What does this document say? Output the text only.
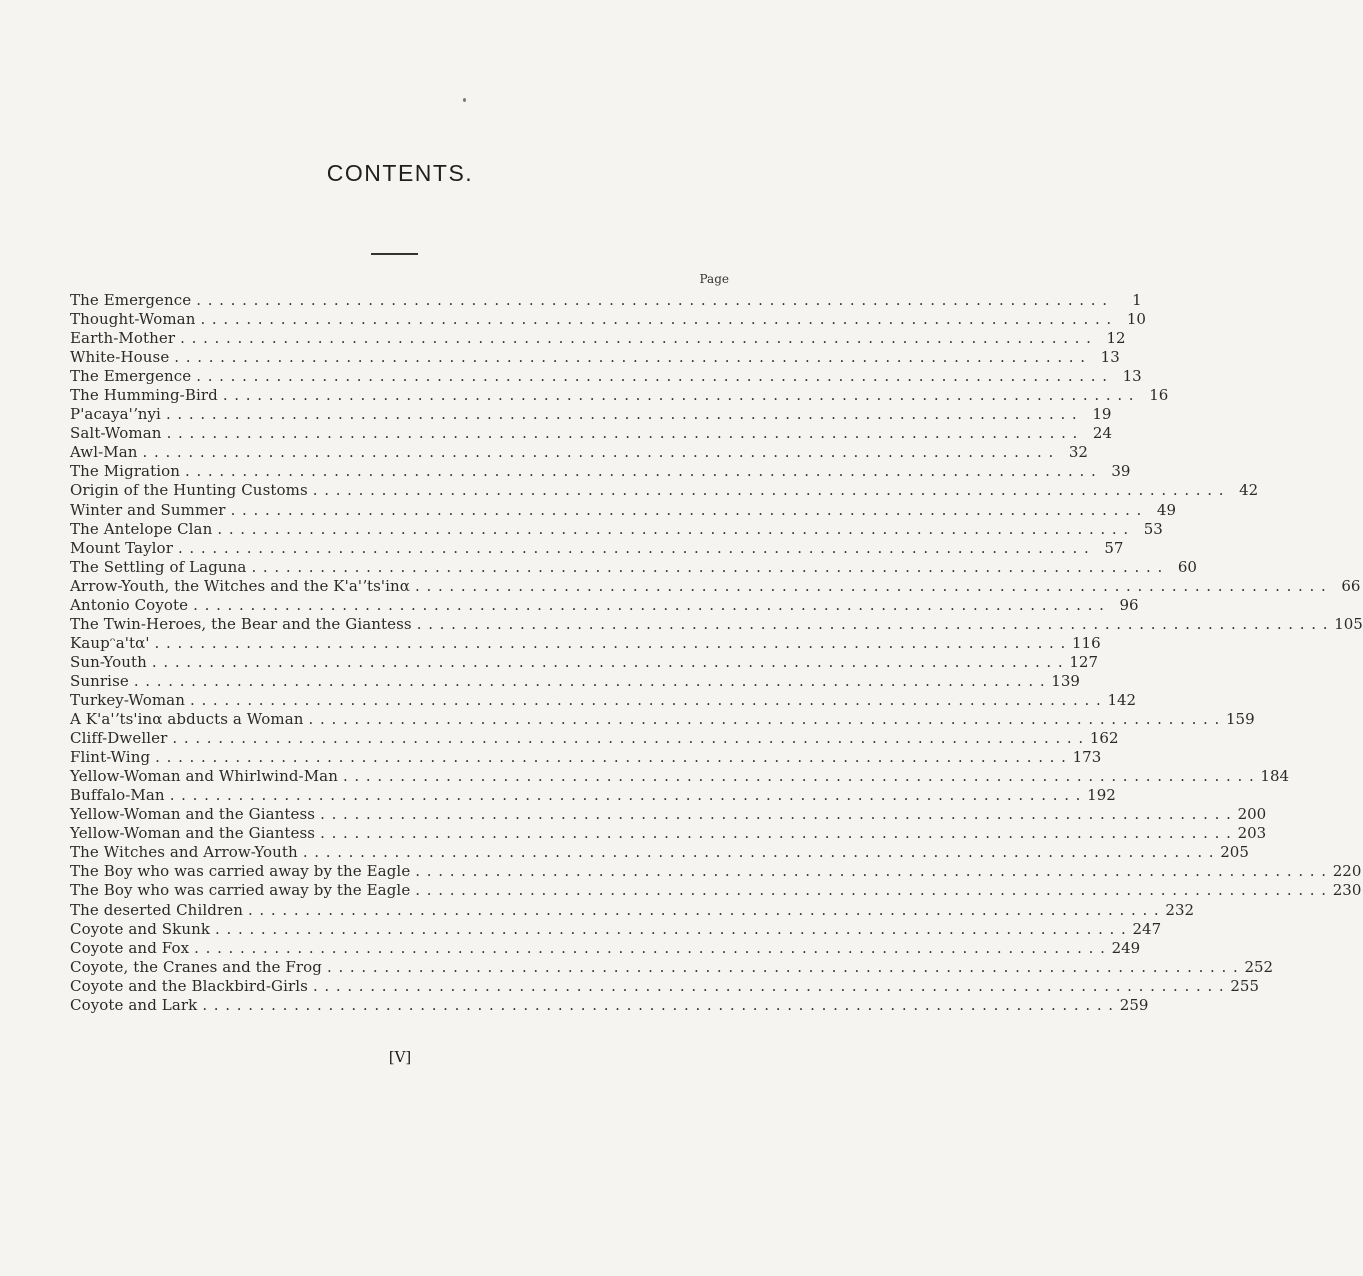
CONTENTS.
Page
The Emergence ................................................................................	1
Thought-Woman ................................................................................ 10
Earth-Mother ................................................................................ 12
White-House ................................................................................ 13
The Emergence ................................................................................ 13
The Humming-Bird ................................................................................ 16
P'acaya'ʼnyi ................................................................................ 19
Salt-Woman ................................................................................ 24
Awl-Man ................................................................................ 32
The Migration ................................................................................ 39
Origin of the Hunting Customs ................................................................................ 42
Winter and Summer ................................................................................ 49
The Antelope Clan ................................................................................ 53
Mount Taylor ................................................................................ 57
The Settling of Laguna ................................................................................ 60
Arrow-Youth, the Witches and the K'a'ʼts'inα ................................................................................ 66
Antonio Coyote ................................................................................ 96
The Twin-Heroes, the Bear and the Giantess ................................................................................ 105
Kaupᵔa'tα' ................................................................................ 116
Sun-Youth ................................................................................ 127
Sunrise ................................................................................ 139
Turkey-Woman ................................................................................ 142
A K'a'ʼts'inα abducts a Woman ................................................................................ 159
Cliff-Dweller ................................................................................ 162
Flint-Wing ................................................................................ 173
Yellow-Woman and Whirlwind-Man ................................................................................ 184
Buffalo-Man ................................................................................ 192
Yellow-Woman and the Giantess ................................................................................ 200
Yellow-Woman and the Giantess ................................................................................ 203
The Witches and Arrow-Youth ................................................................................ 205
The Boy who was carried away by the Eagle ................................................................................ 220
The Boy who was carried away by the Eagle ................................................................................ 230
The deserted Children ................................................................................ 232
Coyote and Skunk ................................................................................ 247
Coyote and Fox ................................................................................ 249
Coyote, the Cranes and the Frog ................................................................................ 252
Coyote and the Blackbird-Girls ................................................................................ 255
Coyote and Lark ................................................................................ 259
[V]
